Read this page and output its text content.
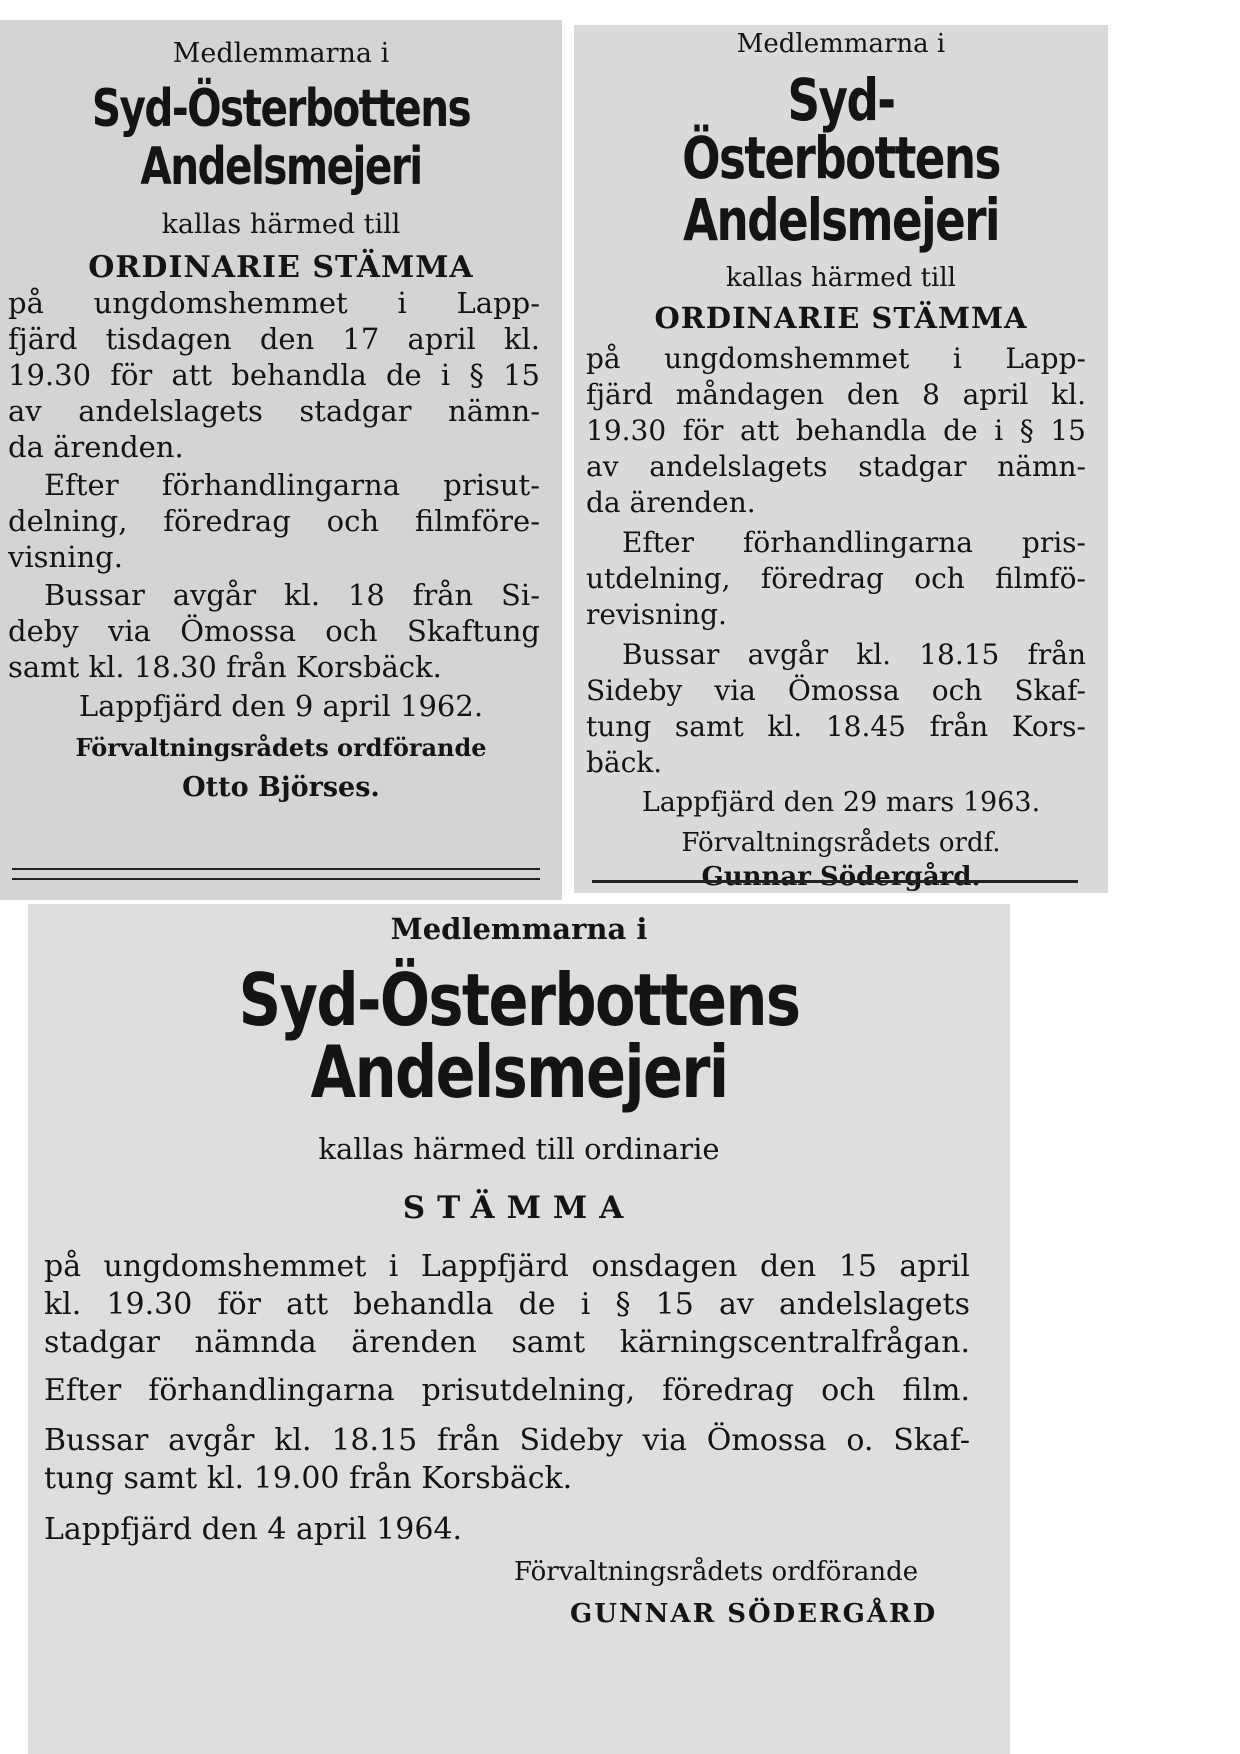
Medlemmarna i

Syd-Österbottens

Andelsmejeri

kallas härmed till

ORDINARIE STÄMMA

på ungdomshemmet i Lapp-

fjärd tisdagen den 17 april kl.

19.30 för att behandla de i § 15

av andelslagets stadgar nämn-

da ärenden.

Efter förhandlingarna prisut-

delning, föredrag och filmföre-

visning.

Bussar avgår kl. 18 från Si-

deby via Ömossa och Skaftung

samt kl. 18.30 från Korsbäck.

Lappfjärd den 9 april 1962.

Förvaltningsrådets ordförande

Otto Björses.

Medlemmarna i

Syd-Österbottens

Andelsmejeri

kallas härmed till

ORDINARIE STÄMMA

på ungdomshemmet i Lapp-

fjärd måndagen den 8 april kl.

19.30 för att behandla de i § 15

av andelslagets stadgar nämn-

da ärenden.

Efter förhandlingarna pris-

utdelning, föredrag och filmfö-

revisning.

Bussar avgår kl. 18.15 från

Sideby via Ömossa och Skaf-

tung samt kl. 18.45 från Kors-

bäck.

Lappfjärd den 29 mars 1963.

Förvaltningsrådets ordf.

Gunnar Södergård.

Medlemmarna i

Syd-Österbottens Andelsmejeri

kallas härmed till ordinarie

STÄMMA

på ungdomshemmet i Lappfjärd onsdagen den 15 april

kl. 19.30 för att behandla de i § 15 av andelslagets

stadgar nämnda ärenden samt kärningscentralfrågan.

Efter förhandlingarna prisutdelning, föredrag och film.

Bussar avgår kl. 18.15 från Sideby via Ömossa o. Skaf-

tung samt kl. 19.00 från Korsbäck.

Lappfjärd den 4 april 1964.

Förvaltningsrådets ordförande

GUNNAR SÖDERGÅRD
